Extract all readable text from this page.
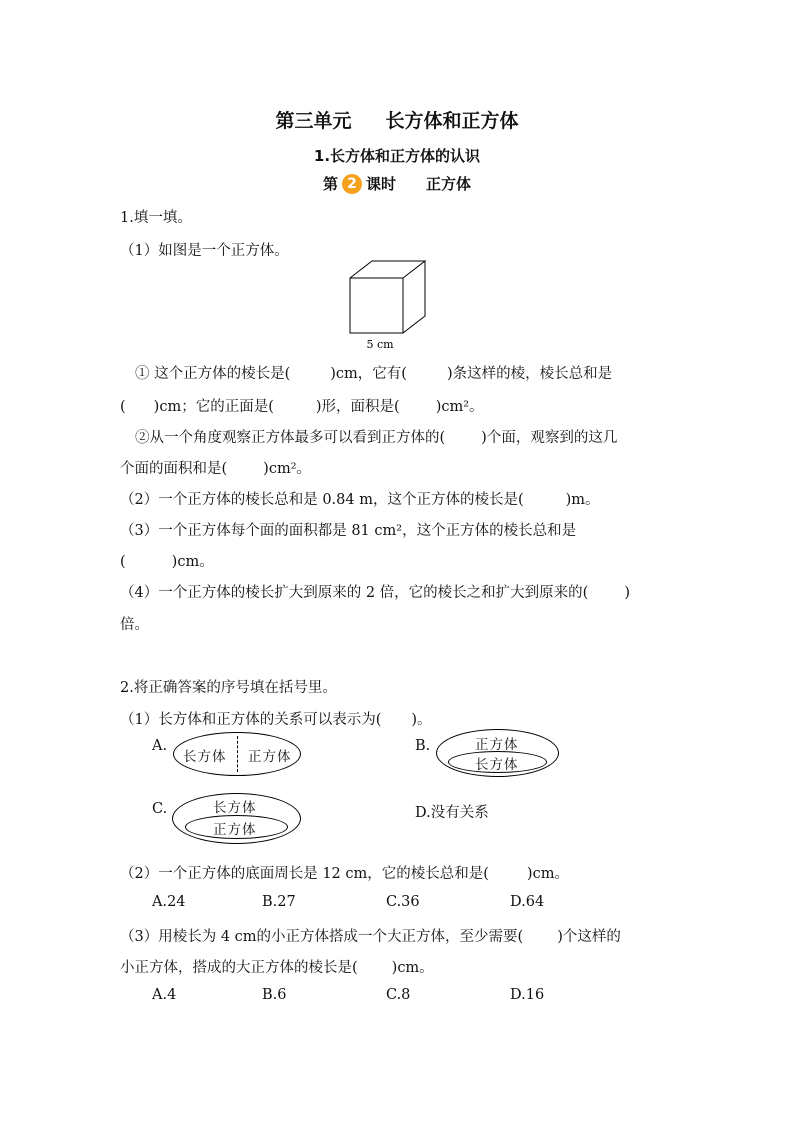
第三单元 长方体和正方体
1.长方体和正方体的认识
第 2 课时 正方体
1.填一填。
（1）如图是一个正方体。
5 cm
① 这个正方体的棱长是(	)cm，它有(	)条这样的棱，棱长总和是
( )cm；它的正面是(	)形，面积是( )cm²。
②从一个角度观察正方体最多可以看到正方体的( )个面，观察到的这几
个面的面积和是( )cm²。
（2）一个正方体的棱长总和是 0.84 m，这个正方体的棱长是(	)m。
（3）一个正方体每个面的面积都是 81 cm²，这个正方体的棱长总和是
(	)cm。
（4）一个正方体的棱长扩大到原来的 2 倍，它的棱长之和扩大到原来的( )
倍。
2.将正确答案的序号填在括号里。
（1）长方体和正方体的关系可以表示为( )。
A.
长方体 正方体
B.	正方体
长方体
C.	长方体
正方体
D.没有关系
（2）一个正方体的底面周长是 12 cm，它的棱长总和是(	)cm。
A.24	B.27	C.36	D.64
（3）用棱长为 4 cm的小正方体搭成一个大正方体，至少需要( )个这样的
小正方体，搭成的大正方体的棱长是( )cm。
A.4	B.6	C.8	D.16
